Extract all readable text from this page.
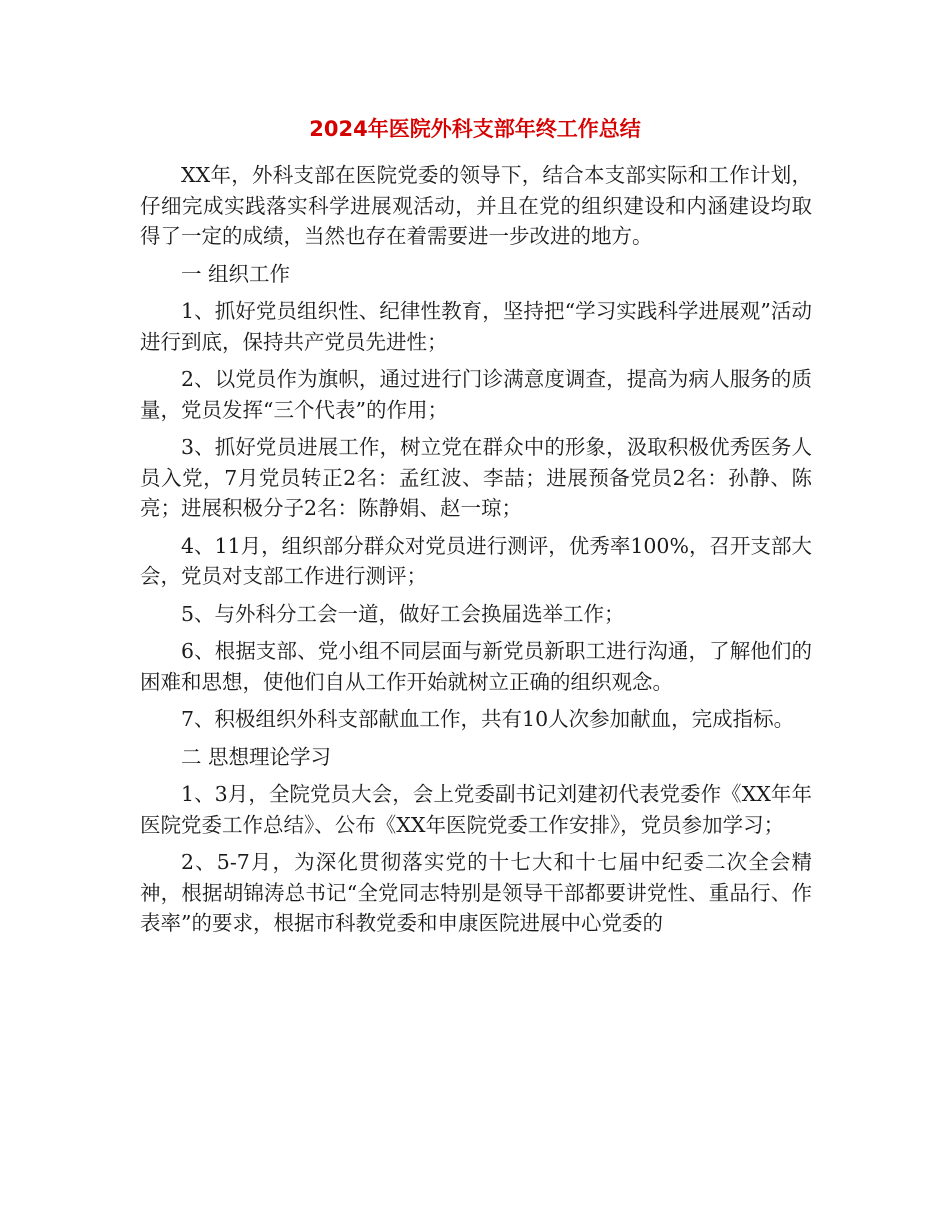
2024年医院外科支部年终工作总结

XX年，外科支部在医院党委的领导下，结合本支部实际和工作计划，仔细完成实践落实科学进展观活动，并且在党的组织建设和内涵建设均取得了一定的成绩，当然也存在着需要进一步改进的地方。

一 组织工作

1、抓好党员组织性、纪律性教育，坚持把“学习实践科学进展观”活动进行到底，保持共产党员先进性；

2、以党员作为旗帜，通过进行门诊满意度调查，提高为病人服务的质量，党员发挥“三个代表”的作用；

3、抓好党员进展工作，树立党在群众中的形象，汲取积极优秀医务人员入党，7月党员转正2名：孟红波、李喆；进展预备党员2名：孙静、陈亮；进展积极分子2名：陈静娟、赵一琼；

4、11月，组织部分群众对党员进行测评，优秀率100%，召开支部大会，党员对支部工作进行测评；

5、与外科分工会一道，做好工会换届选举工作；

6、根据支部、党小组不同层面与新党员新职工进行沟通，了解他们的困难和思想，使他们自从工作开始就树立正确的组织观念。

7、积极组织外科支部献血工作，共有10人次参加献血，完成指标。

二 思想理论学习

1、3月，全院党员大会，会上党委副书记刘建初代表党委作《XX年年医院党委工作总结》、公布《XX年医院党委工作安排》，党员参加学习；

2、5-7月，为深化贯彻落实党的十七大和十七届中纪委二次全会精神，根据胡锦涛总书记“全党同志特别是领导干部都要讲党性、重品行、作表率”的要求，根据市科教党委和申康医院进展中心党委的
